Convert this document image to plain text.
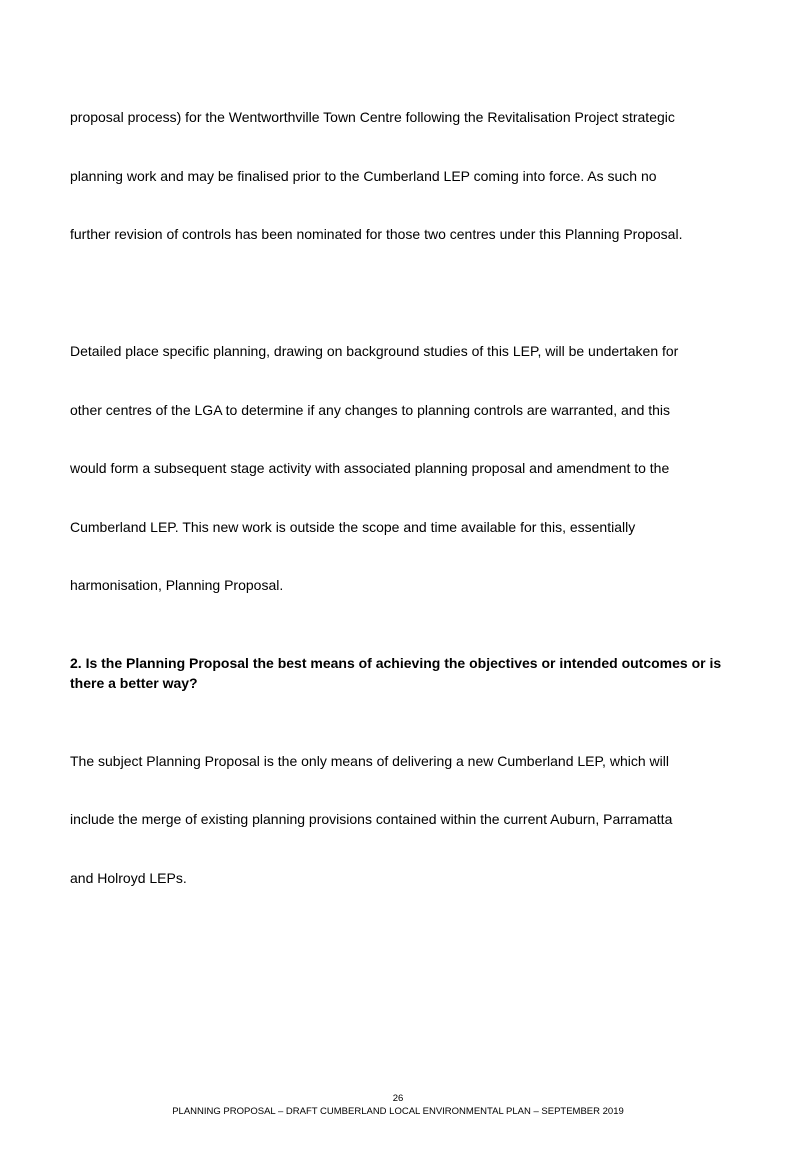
proposal process) for the Wentworthville Town Centre following the Revitalisation Project strategic

planning work and may be finalised prior to the Cumberland LEP coming into force. As such no

further revision of controls has been nominated for those two centres under this Planning Proposal.

Detailed place specific planning, drawing on background studies of this LEP, will be undertaken for

other centres of the LGA to determine if any changes to planning controls are warranted, and this

would form a subsequent stage activity with associated planning proposal and amendment to the

Cumberland LEP. This new work is outside the scope and time available for this, essentially

harmonisation, Planning Proposal.

2. Is the Planning Proposal the best means of achieving the objectives or intended outcomes or is
there a better way?

The subject Planning Proposal is the only means of delivering a new Cumberland LEP, which will

include the merge of existing planning provisions contained within the current Auburn, Parramatta

and Holroyd LEPs.

26
PLANNING PROPOSAL – DRAFT CUMBERLAND LOCAL ENVIRONMENTAL PLAN – SEPTEMBER 2019
